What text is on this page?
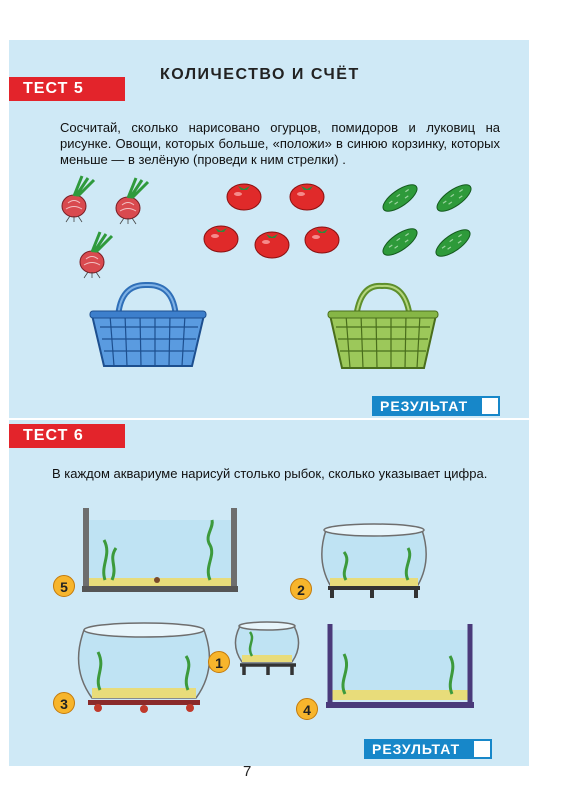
ТЕСТ 5
КОЛИЧЕСТВО И СЧЁТ
Сосчитай, сколько нарисовано огурцов, помидоров и луковиц на рисунке. Овощи, которых больше, «положи» в синюю корзинку, которых меньше — в зелёную (проведи к ним стрелки) .
РЕЗУЛЬТАТ
ТЕСТ 6
В каждом аквариуме нарисуй столько рыбок, сколько указывает цифра.
5	2
1
3	4
РЕЗУЛЬТАТ
7
